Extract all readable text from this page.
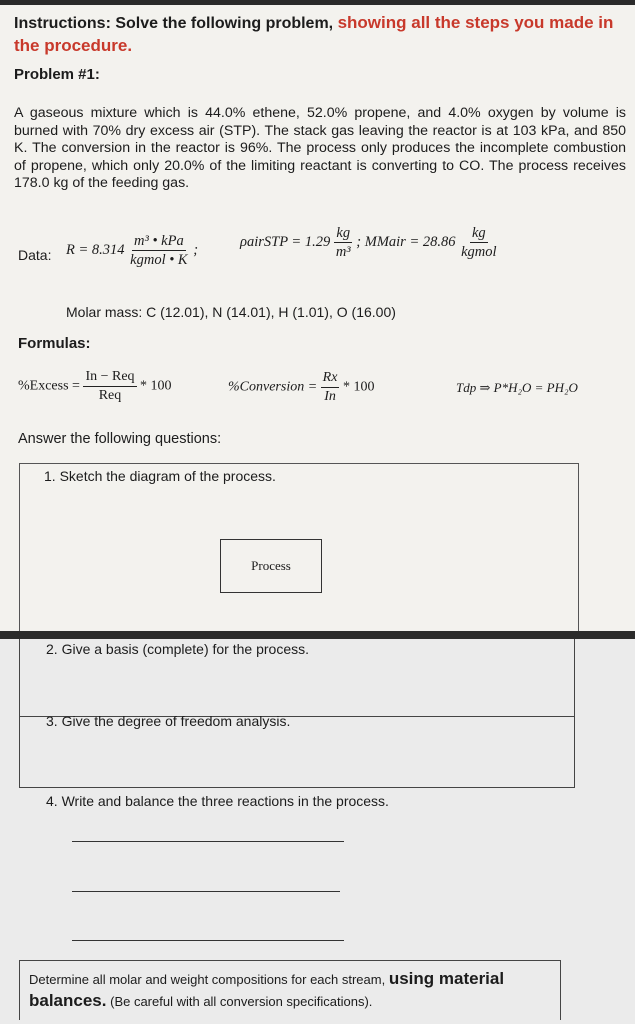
Instructions: Solve the following problem, showing all the steps you made in the procedure.
Problem #1:
A gaseous mixture which is 44.0% ethene, 52.0% propene, and 4.0% oxygen by volume is burned with 70% dry excess air (STP). The stack gas leaving the reactor is at 103 kPa, and 850 K. The conversion in the reactor is 96%. The process only produces the incomplete combustion of propene, which only 20.0% of the limiting reactant is converting to CO. The process receives 178.0 kg of the feeding gas.
Data: $R = 8.314 \frac{\text{m³ • kPa}}{\text{kgmol • K}}$ ;	ρairSTP = $1.29 \frac{kg}{\text{m³}}$ ; MMair = $28.86 \frac{kg}{\text{kgmol}}$
Molar mass: C (12.01), N (14.01), H (1.01), O (16.00)
Formulas:
%Excess = $\frac{\text{In − Req}}{\text{Req}} * 100$	%Conversion = $\frac{Rx}{In} * 100$	Tdp ⇒ P*H₂O = PH₂O
Answer the following questions:
1. Sketch the diagram of the process.
Process
2. Give a basis (complete) for the process.
3. Give the degree of freedom analysis.
4. Write and balance the three reactions in the process.
Determine all molar and weight compositions for each stream, using material balances. (Be careful with all conversion specifications).
